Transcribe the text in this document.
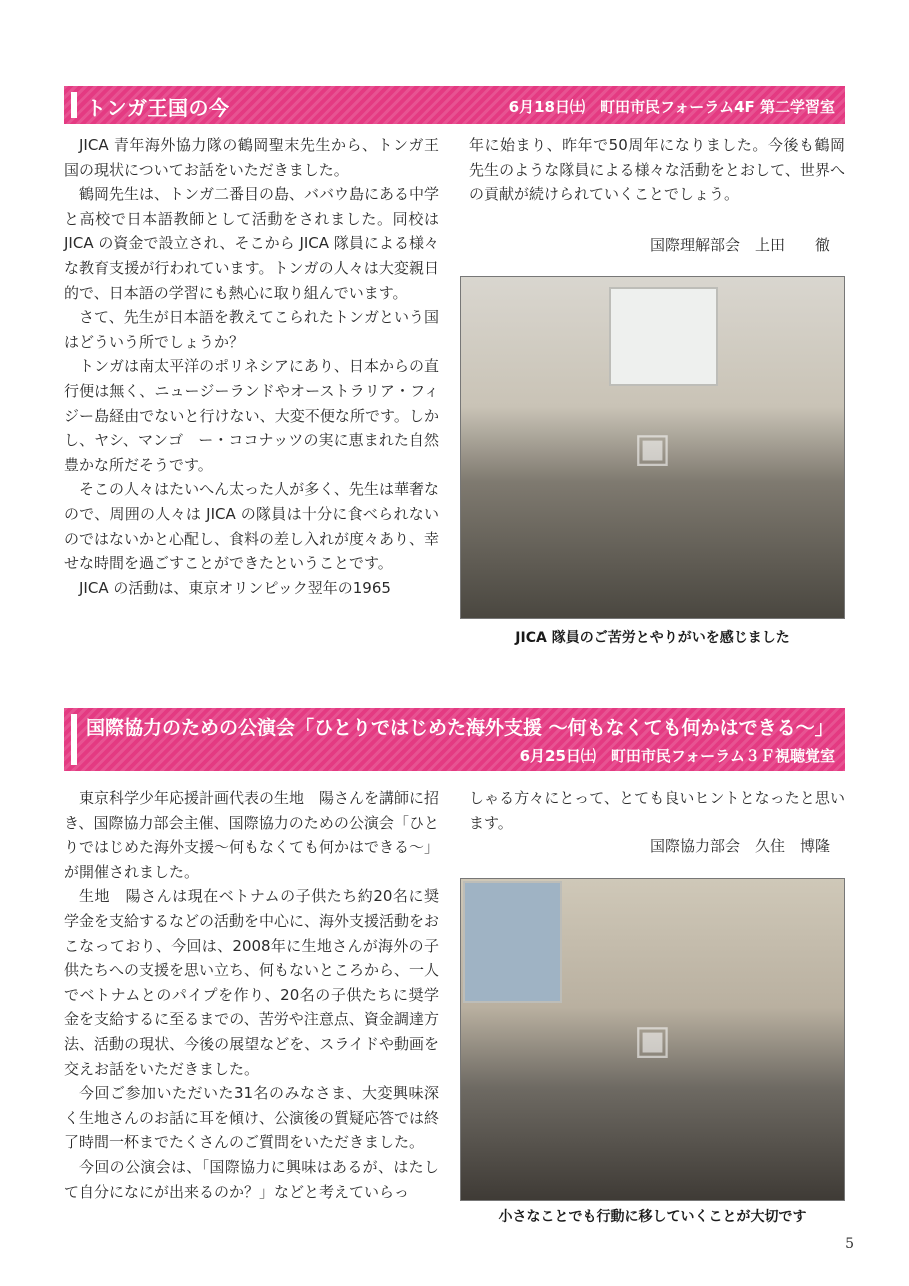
トンガ王国の今	6月18日㈯　町田市民フォーラム4F 第二学習室

JICA 青年海外協力隊の鶴岡聖末先生から、トンガ王国の現状についてお話をいただきました。

鶴岡先生は、トンガ二番目の島、ババウ島にある中学と高校で日本語教師として活動をされました。同校は JICA の資金で設立され、そこから JICA 隊員による様々な教育支援が行われています。トンガの人々は大変親日的で、日本語の学習にも熱心に取り組んでいます。

さて、先生が日本語を教えてこられたトンガという国はどういう所でしょうか？

トンガは南太平洋のポリネシアにあり、日本からの直行便は無く、ニュージーランドやオーストラリア・フィジー島経由でないと行けない、大変不便な所です。しかし、ヤシ、マンゴ　ー・ココナッツの実に恵まれた自然豊かな所だそうです。

そこの人々はたいへん太った人が多く、先生は華奢なので、周囲の人々は JICA の隊員は十分に食べられないのではないかと心配し、食料の差し入れが度々あり、幸せな時間を過ごすことができたということです。

JICA の活動は、東京オリンピック翌年の1965

年に始まり、昨年で50周年になりました。今後も鶴岡先生のような隊員による様々な活動をとおして、世界への貢献が続けられていくことでしょう。

国際理解部会　上田　　徹
▣
JICA 隊員のご苦労とやりがいを感じました
国際協力のための公演会「ひとりではじめた海外支援 ～何もなくても何かはできる～」
6月25日㈯　町田市民フォーラム３Ｆ視聴覚室

東京科学少年応援計画代表の生地　陽さんを講師に招き、国際協力部会主催、国際協力のための公演会「ひとりではじめた海外支援～何もなくても何かはできる～」が開催されました。

生地　陽さんは現在ベトナムの子供たち約20名に奨学金を支給するなどの活動を中心に、海外支援活動をおこなっており、今回は、2008年に生地さんが海外の子供たちへの支援を思い立ち、何もないところから、一人でベトナムとのパイプを作り、20名の子供たちに奨学金を支給するに至るまでの、苦労や注意点、資金調達方法、活動の現状、今後の展望などを、スライドや動画を交えお話をいただきました。

今回ご参加いただいた31名のみなさま、大変興味深く生地さんのお話に耳を傾け、公演後の質疑応答では終了時間一杯までたくさんのご質問をいただきました。

今回の公演会は、「国際協力に興味はあるが、はたして自分になにが出来るのか？」などと考えていらっ

しゃる方々にとって、とても良いヒントとなったと思います。

国際協力部会　久住　博隆
▣
小さなことでも行動に移していくことが大切です
5
